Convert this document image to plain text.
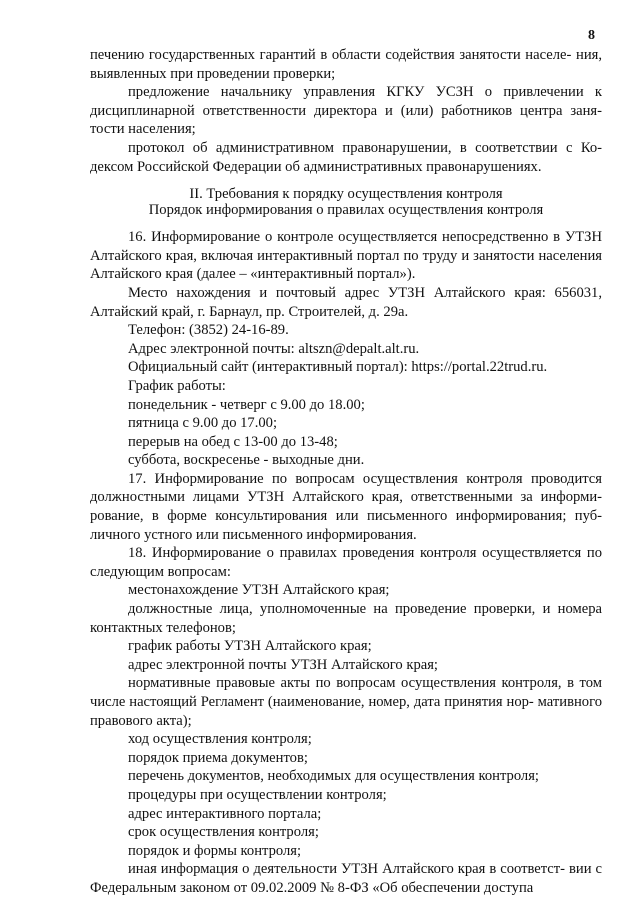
8

печению государственных гарантий в области содействия занятости населе- ния, выявленных при проведении проверки;

предложение начальнику управления КГКУ УСЗН о привлечении к дисциплинарной ответственности директора и (или) работников центра заня- тости населения;

протокол об административном правонарушении, в соответствии с Ко- дексом Российской Федерации об административных правонарушениях.

II. Требования к порядку осуществления контроля
Порядок информирования о правилах осуществления контроля

16. Информирование о контроле осуществляется непосредственно в УТЗН Алтайского края, включая интерактивный портал по труду и занятости населения Алтайского края (далее – «интерактивный портал»).

Место нахождения и почтовый адрес УТЗН Алтайского края: 656031, Алтайский край, г. Барнаул, пр. Строителей, д. 29а.

Телефон: (3852) 24-16-89.

Адрес электронной почты: altszn@depalt.alt.ru.

Официальный сайт (интерактивный портал): https://portal.22trud.ru.

График работы:

понедельник - четверг с 9.00 до 18.00;

пятница с 9.00 до 17.00;

перерыв на обед с 13-00 до 13-48;

суббота, воскресенье - выходные дни.

17. Информирование по вопросам осуществления контроля проводится должностными лицами УТЗН Алтайского края, ответственными за информи- рование, в форме консультирования или письменного информирования; пуб- личного устного или письменного информирования.

18. Информирование о правилах проведения контроля осуществляется по следующим вопросам:

местонахождение УТЗН Алтайского края;

должностные лица, уполномоченные на проведение проверки, и номера контактных телефонов;

график работы УТЗН Алтайского края;

адрес электронной почты УТЗН Алтайского края;

нормативные правовые акты по вопросам осуществления контроля, в том числе настоящий Регламент (наименование, номер, дата принятия нор- мативного правового акта);

ход осуществления контроля;

порядок приема документов;

перечень документов, необходимых для осуществления контроля;

процедуры при осуществлении контроля;

адрес интерактивного портала;

срок осуществления контроля;

порядок и формы контроля;

иная информация о деятельности УТЗН Алтайского края в соответст- вии с Федеральным законом от 09.02.2009 № 8-ФЗ «Об обеспечении доступа
